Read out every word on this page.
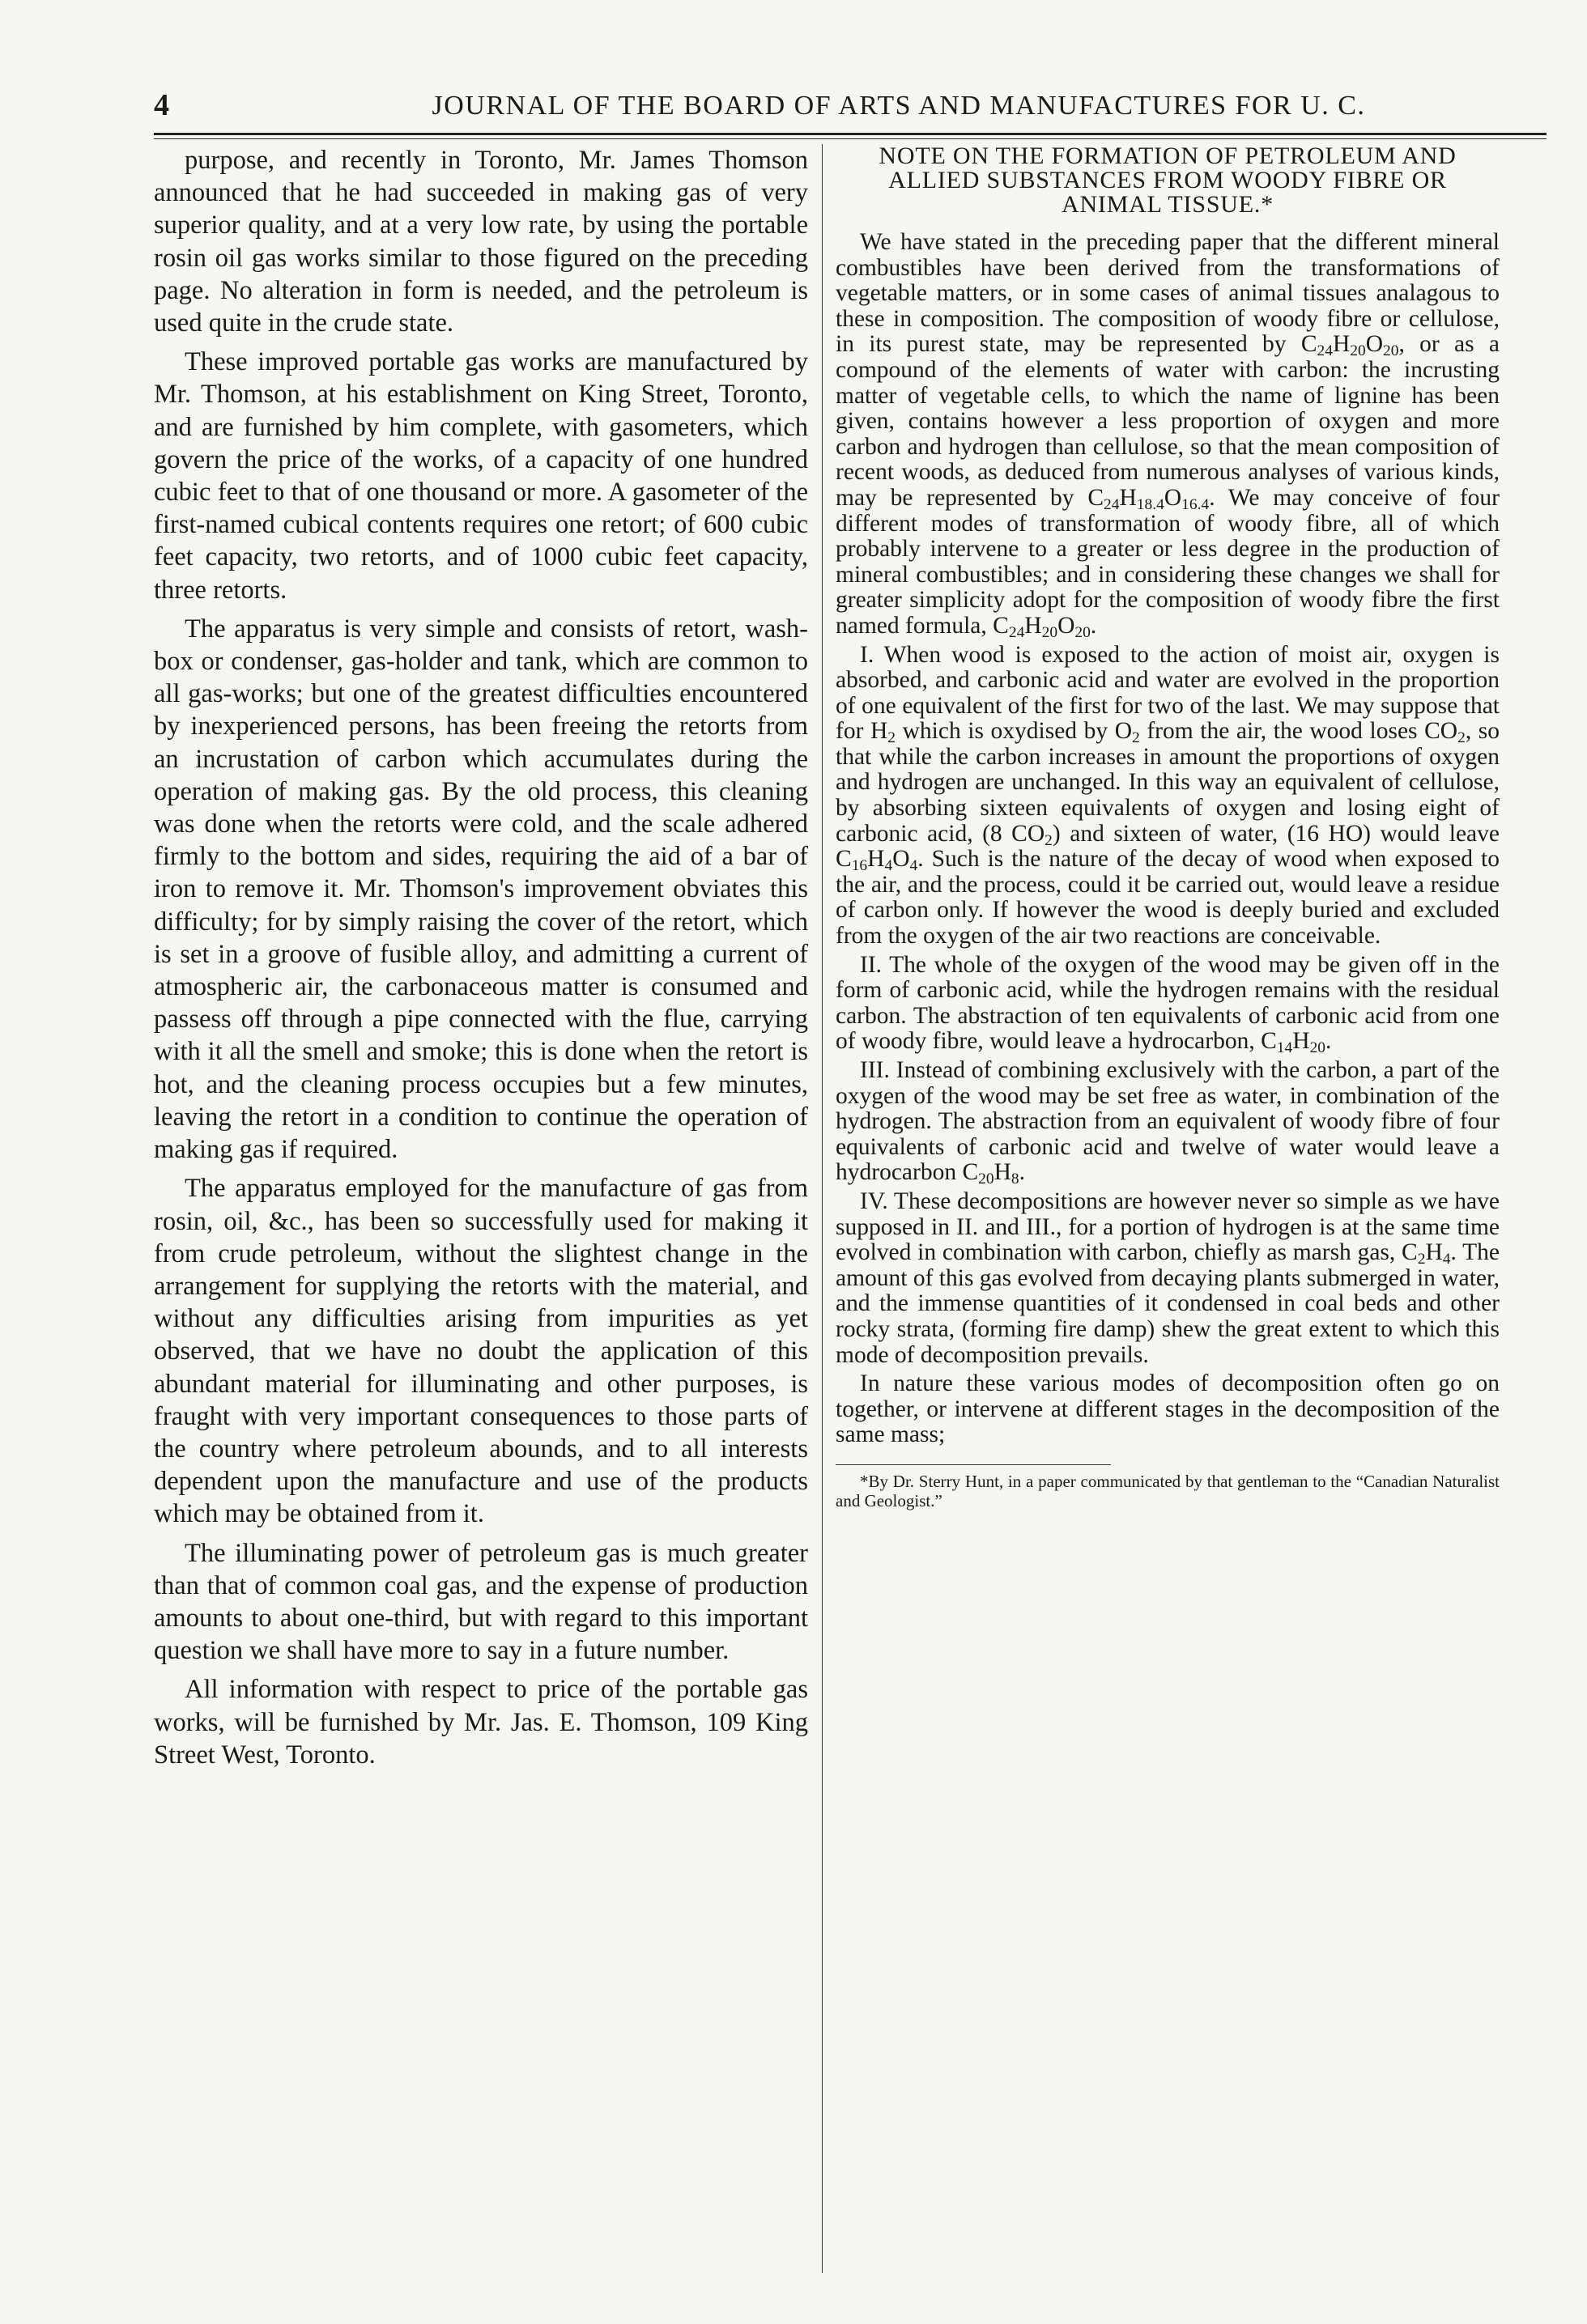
4	JOURNAL OF THE BOARD OF ARTS AND MANUFACTURES FOR U. C.

purpose, and recently in Toronto, Mr. James Thomson announced that he had succeeded in making gas of very superior quality, and at a very low rate, by using the portable rosin oil gas works similar to those figured on the preceding page. No alteration in form is needed, and the petroleum is used quite in the crude state.

These improved portable gas works are manufactured by Mr. Thomson, at his establishment on King Street, Toronto, and are furnished by him complete, with gasometers, which govern the price of the works, of a capacity of one hundred cubic feet to that of one thousand or more. A gasometer of the first-named cubical contents requires one retort; of 600 cubic feet capacity, two retorts, and of 1000 cubic feet capacity, three retorts.

The apparatus is very simple and consists of retort, wash-box or condenser, gas-holder and tank, which are common to all gas-works; but one of the greatest difficulties encountered by inexperienced persons, has been freeing the retorts from an incrustation of carbon which accumulates during the operation of making gas. By the old process, this cleaning was done when the retorts were cold, and the scale adhered firmly to the bottom and sides, requiring the aid of a bar of iron to remove it. Mr. Thomson's improvement obviates this difficulty; for by simply raising the cover of the retort, which is set in a groove of fusible alloy, and admitting a current of atmospheric air, the carbonaceous matter is consumed and passess off through a pipe connected with the flue, carrying with it all the smell and smoke; this is done when the retort is hot, and the cleaning process occupies but a few minutes, leaving the retort in a condition to continue the operation of making gas if required.

The apparatus employed for the manufacture of gas from rosin, oil, &c., has been so successfully used for making it from crude petroleum, without the slightest change in the arrangement for supplying the retorts with the material, and without any difficulties arising from impurities as yet observed, that we have no doubt the application of this abundant material for illuminating and other purposes, is fraught with very important consequences to those parts of the country where petroleum abounds, and to all interests dependent upon the manufacture and use of the products which may be obtained from it.

The illuminating power of petroleum gas is much greater than that of common coal gas, and the expense of production amounts to about one-third, but with regard to this important question we shall have more to say in a future number.

All information with respect to price of the portable gas works, will be furnished by Mr. Jas. E. Thomson, 109 King Street West, Toronto.

NOTE ON THE FORMATION OF PETROLEUM AND ALLIED SUBSTANCES FROM WOODY FIBRE OR ANIMAL TISSUE.*

We have stated in the preceding paper that the different mineral combustibles have been derived from the transformations of vegetable matters, or in some cases of animal tissues analagous to these in composition. The composition of woody fibre or cellulose, in its purest state, may be represented by $C_{24}H_{20}O_{20}$, or as a compound of the elements of water with carbon: the incrusting matter of vegetable cells, to which the name of lignine has been given, contains however a less proportion of oxygen and more carbon and hydrogen than cellulose, so that the mean composition of recent woods, as deduced from numerous analyses of various kinds, may be represented by $C_{24}H_{18.4}O_{16.4}$. We may conceive of four different modes of transformation of woody fibre, all of which probably intervene to a greater or less degree in the production of mineral combustibles; and in considering these changes we shall for greater simplicity adopt for the composition of woody fibre the first named formula, $C_{24}H_{20}O_{20}$.

I. When wood is exposed to the action of moist air, oxygen is absorbed, and carbonic acid and water are evolved in the proportion of one equivalent of the first for two of the last. We may suppose that for $H_2$ which is oxydised by $O_2$ from the air, the wood loses $CO_2$, so that while the carbon increases in amount the proportions of oxygen and hydrogen are unchanged. In this way an equivalent of cellulose, by absorbing sixteen equivalents of oxygen and losing eight of carbonic acid, (8 $CO_2$) and sixteen of water, (16 HO) would leave $C_{16}H_4O_4$. Such is the nature of the decay of wood when exposed to the air, and the process, could it be carried out, would leave a residue of carbon only. If however the wood is deeply buried and excluded from the oxygen of the air two reactions are conceivable.

II. The whole of the oxygen of the wood may be given off in the form of carbonic acid, while the hydrogen remains with the residual carbon. The abstraction of ten equivalents of carbonic acid from one of woody fibre, would leave a hydrocarbon, $C_{14}H_{20}$.

III. Instead of combining exclusively with the carbon, a part of the oxygen of the wood may be set free as water, in combination of the hydrogen. The abstraction from an equivalent of woody fibre of four equivalents of carbonic acid and twelve of water would leave a hydrocarbon $C_{20}H_8$.

IV. These decompositions are however never so simple as we have supposed in II. and III., for a portion of hydrogen is at the same time evolved in combination with carbon, chiefly as marsh gas, $C_2H_4$. The amount of this gas evolved from decaying plants submerged in water, and the immense quantities of it condensed in coal beds and other rocky strata, (forming fire damp) shew the great extent to which this mode of decomposition prevails.

In nature these various modes of decomposition often go on together, or intervene at different stages in the decomposition of the same mass;

*By Dr. Sterry Hunt, in a paper communicated by that gentleman to the “Canadian Naturalist and Geologist.”
